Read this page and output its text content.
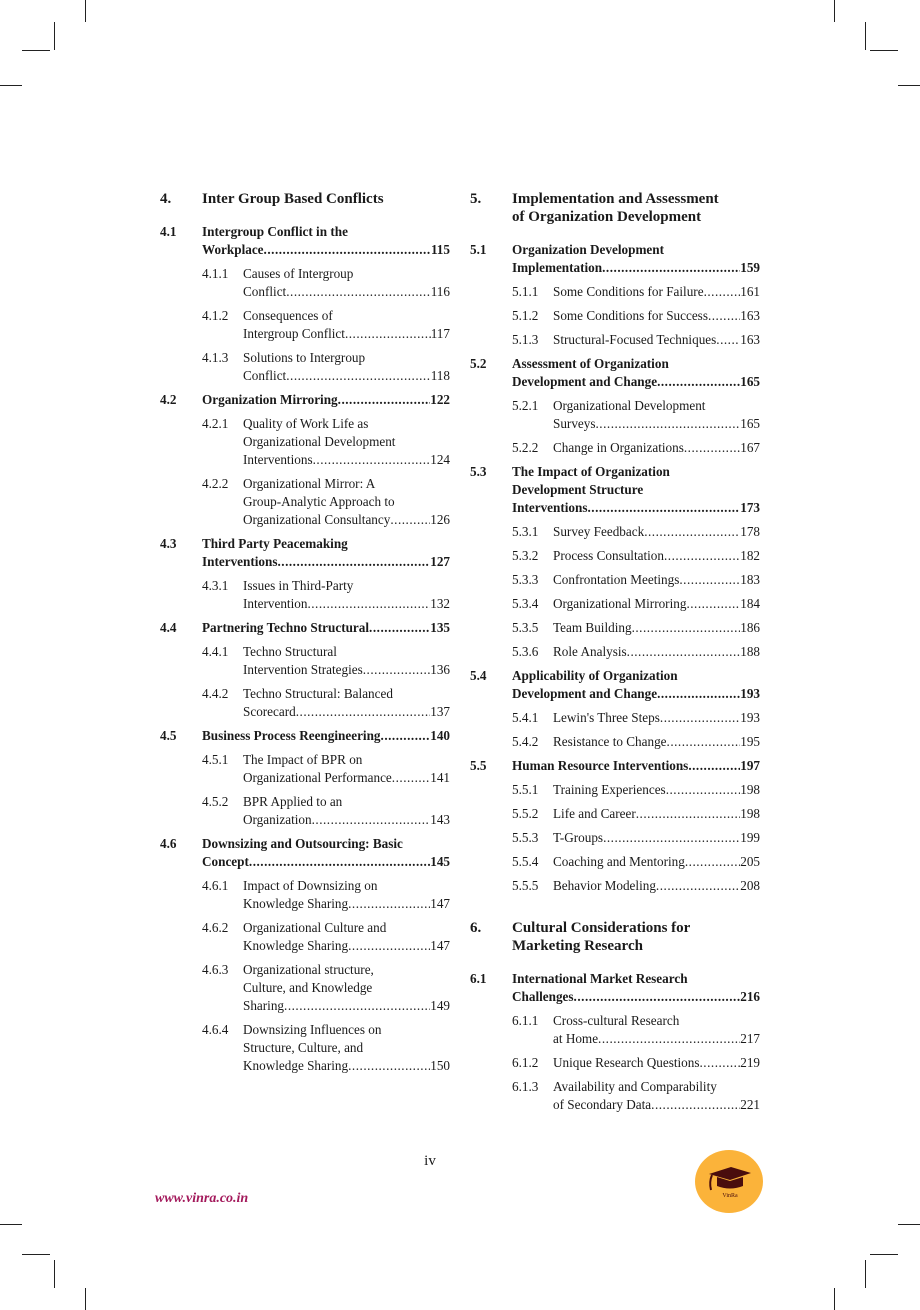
4.	Inter Group Based Conflicts
4.1	Intergroup Conflict in the
Workplace .....	115
4.1.1	Causes of Intergroup
Conflict .....	116
4.1.2	Consequences of
Intergroup Conflict .....	117
4.1.3	Solutions to Intergroup
Conflict .....	118
4.2	Organization Mirroring .....	122
4.2.1	Quality of Work Life as
Organizational Development
Interventions .....	124
4.2.2	Organizational Mirror: A
Group-Analytic Approach to
Organizational Consultancy .....	126
4.3	Third Party Peacemaking
Interventions .....	127
4.3.1	Issues in Third-Party
Intervention .....	132
4.4	Partnering Techno Structural .....	135
4.4.1	Techno Structural
Intervention Strategies .....	136
4.4.2	Techno Structural: Balanced
Scorecard .....	137
4.5	Business Process Reengineering .....	140
4.5.1	The Impact of BPR on
Organizational Performance .....	141
4.5.2	BPR Applied to an
Organization .....	143
4.6	Downsizing and Outsourcing: Basic
Concept .....	145
4.6.1	Impact of Downsizing on
Knowledge Sharing .....	147
4.6.2	Organizational Culture and
Knowledge Sharing .....	147
4.6.3	Organizational structure,
Culture, and Knowledge
Sharing .....	149
4.6.4	Downsizing Influences on
Structure, Culture, and
Knowledge Sharing .....	150
5.	Implementation and Assessment
of Organization Development
5.1	Organization Development
Implementation .....	159
5.1.1	Some Conditions for Failure .....	161
5.1.2	Some Conditions for Success ..... 163
5.1.3	Structural-Focused Techniques ..... 163
5.2	Assessment of Organization
Development and Change .....	165
5.2.1	Organizational Development
Surveys .....	165
5.2.2	Change in Organizations .....	167
5.3	The Impact of Organization
Development Structure
Interventions .....	173
5.3.1	Survey Feedback .....	178
5.3.2	Process Consultation .....	182
5.3.3	Confrontation Meetings .....	183
5.3.4	Organizational Mirroring .....	184
5.3.5	Team Building .....	186
5.3.6	Role Analysis .....	188
5.4	Applicability of Organization
Development and Change .....	193
5.4.1	Lewin's Three Steps .....	193
5.4.2	Resistance to Change .....	195
5.5	Human Resource Interventions .....	197
5.5.1	Training Experiences .....	198
5.5.2	Life and Career .....	198
5.5.3	T-Groups .....	199
5.5.4	Coaching and Mentoring .....	205
5.5.5	Behavior Modeling .....	208
6.	Cultural Considerations for
Marketing Research
6.1	International Market Research
Challenges .....	216
6.1.1	Cross-cultural Research
at Home .....	217
6.1.2	Unique Research Questions .....	219
6.1.3	Availability and Comparability
of Secondary Data .....	221
iv
www.vinra.co.in	VinRa
